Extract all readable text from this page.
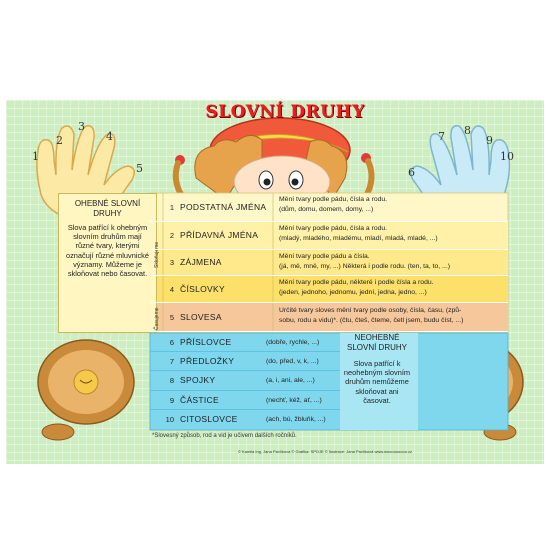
SLOVNÍ DRUHY
1
2
3
4
5	6
7 8
9
10
OHEBNÉ SLOVNÍ DRUHY
Slova patřící k ohebným slovním druhům mají různé tvary, kterými označují různé mluvnické významy. Můžeme je skloňovat nebo časovat.
Skloňujeme
Časujeme
1 PODSTATNÁ JMÉNA
Mění tvary podle pádu, čísla a rodu.
(dům, domu, domem, domy, ...)
2 PŘÍDAVNÁ JMÉNA
Mění tvary podle pádu, čísla a rodu.
(mladý, mladého, mladému, mladí, mladá, mladé, ...)
3 ZÁJMENA
Mění tvary podle pádu a čísla.
(já, mě, mně, my, ...) Některá i podle rodu. (ten, ta, to, ...)
4 ČÍSLOVKY
Mění tvary podle pádu, některé i podle čísla a rodu.
(jeden, jednoho, jednomu, jední, jedna, jedno, ...)
5 SLOVESA
Určité tvary sloves mění tvary podle osoby, čísla, času, (způ-
sobu, rodu a vidu)*. (čtu, čteš, čteme, četl jsem, budu číst, ...)
6 PŘÍSLOVCE	(dobře, rychle, ...)
7 PŘEDLOŽKY	(do, před, v, k, ...)
8 SPOJKY	(a, i, ani, ale, ...)
9 ČÁSTICE	(nechť, kéž, ať, ...)
10 CITOSLOVCE	(ach, bú, žbluňk, ...)
NEOHEBNÉ SLOVNÍ DRUHY
Slova patřící k neohebným slovním druhům nemůžeme skloňovat ani časovat.
*Slovesný způsob, rod a vid je učivem dalších ročníků.
© Kamila Ing. Jana Pavlíková © Grafika: SPOJE © Ilustrace: Jana Pavlíková www.wooooooooo.cz
